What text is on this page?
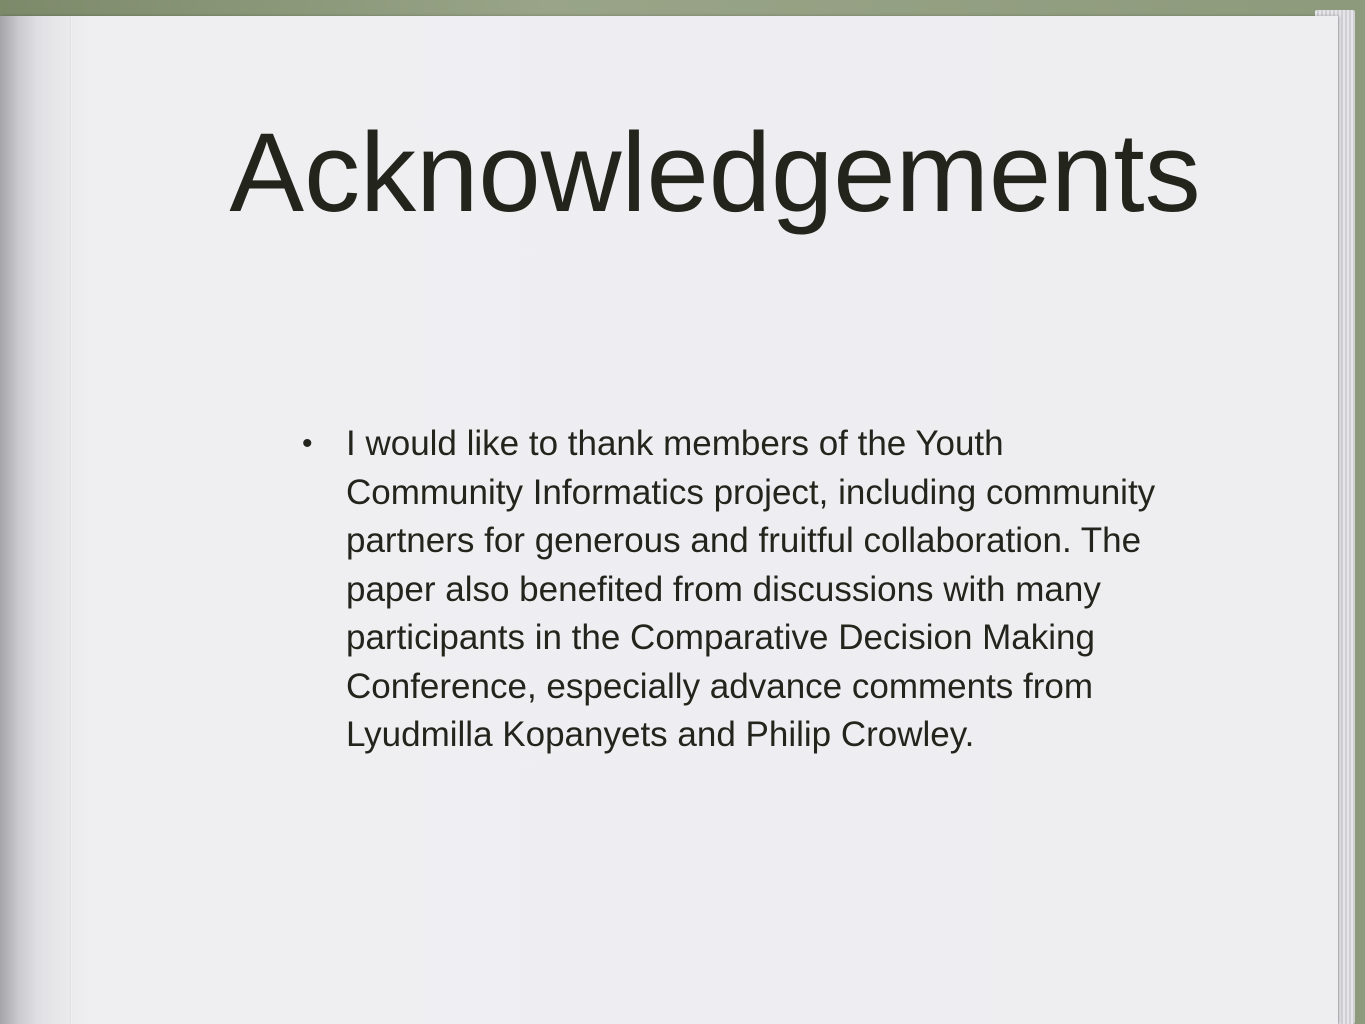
Acknowledgements
• I would like to thank members of the Youth Community Informatics project, including community partners for generous and fruitful collaboration. The paper also benefited from discussions with many participants in the Comparative Decision Making Conference, especially advance comments from Lyudmilla Kopanyets and Philip Crowley.
